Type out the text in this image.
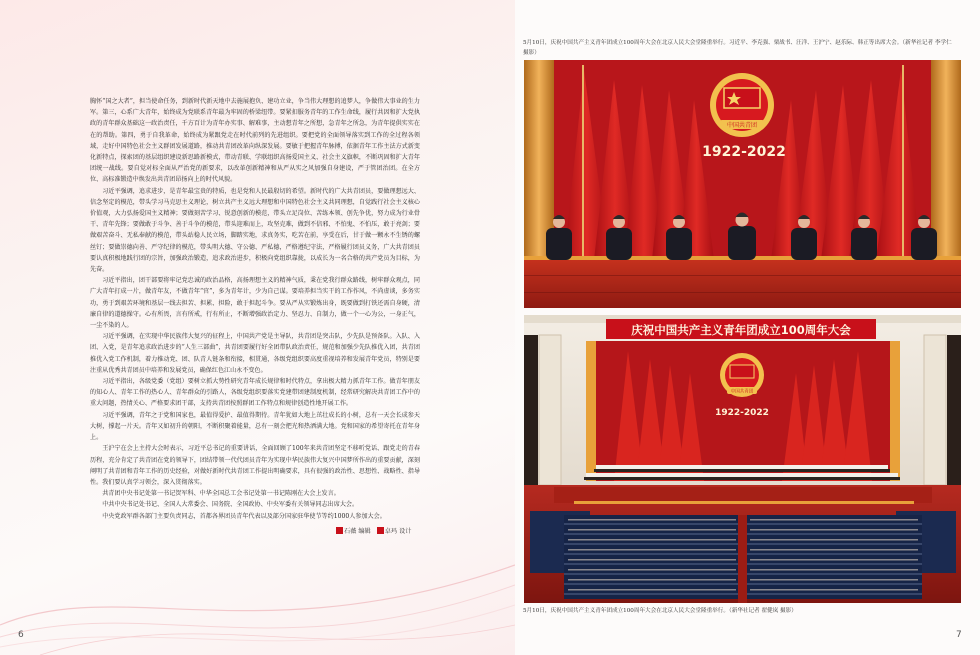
胸怀“国之大者”，担当使命任务，到新时代新天地中去施展抱负、建功立业，争当伟大理想的追梦人，争做伟大事业的生力军。第三，心系广大青年，始终成为党联系青年最为牢固的桥梁纽带。要紧扣服务青年的工作生命线，履行共因和扩大党执政的青年群众基础这一政治责任，千方百计为青年办实事、解难事，主动想青年之所想，急青年之所急，为青年提供实实在在的帮助。第四，勇于自我革命，始终成为紧跟党走在时代前列的先进组织。要把党的全面领导落实到工作的全过程各领域，走好中国特色社会主义群团发展道路，推动共青团改革向纵深发展。要敏于把握青年脉搏，依据青年工作主法方式新变化新特点，探索团的基层组织建设新思路新模式，带动青联、学联组织高扬爱国主义、社会主义旗帜，不断巩固和扩大青年团统一战线。要自觉对标全面从严治党的新要求，以改革创新精神和从严从实之风加强自身建设，严于管团治团。在全方位、高标准锻造中焕发出共青团昂扬向上的时代风貌。

习近平强调，追求进步，是青年最宝贵的特质，也是党和人民最殷切的希望。新时代的广大共青团员，要做理想远大、信念坚定的模范，带头学习马克思主义理论，树立共产主义远大理想和中国特色社会主义共同理想，自觉践行社会主义核心价值观，大力弘扬爱国主义精神；要做刻苦学习、锐意创新的模范，带头立足岗位、苦练本领、创先争优，努力成为行业骨干、青年先锋；要做敢于斗争、善于斗争的模范，带头迎难而上，攻坚克难，做到不信邪、不怕鬼、不怕压，敢于亮剑；要做艰苦奋斗、无私奉献的模范，带头站稳人民立场，脚踏实地，求真务实，吃苦在前，享受在后，甘于做一颗永不生锈的螺丝钉；要做崇德向善、严守纪律的模范，带头明大德、守公德、严私德，严格遵纪守法，严格履行团员义务，广大共青团员要认真积极地践行团的宗旨，加强政治锻造，追求政治进步，积极向党组织靠拢，以成长为一名合格的共产党员为目标，为先奋。

习近平指出，团干部要将牢记党忠诚的政治品格，高扬理想主义的精神气质，秉在党我行群众路线，树牢群众观点，同广大青年打成一片，做青年友，不做青年“官”，多为青年计，少为自己谋。要培养担当实干的工作作风，不尚虚谈，多务实功，勇于到艰苦环境和基层一线去担苦、担累、担险，敢于担起斗争。要从严从实锻炼出身，既要做到打铁还需自身硬，清廉自律的道德操守。心有所畏，言有所戒，行有所止，不断增强政治定力、坚忍力、自制力，做一个一心为公，一身正气，一尘不染的人。

习近平强调，在实现中华民族伟大复兴的征程上，中国共产党是主导队，共青团是突击队，少先队是预备队。入队、入团、入党，是青年追求政治进步的“人生三部曲”，共青团要履行好全团带队政治责任，规范和加强少先队推优入团，共青团推优入党工作机制，着力推动党、团、队青人链条和衔接，相贯通，各级党组织要高度重视培养和发展青年党员，特别是要注重从优秀共青团员中培养和发展党员，确保红色江山永不变色。

习近平指出，各级党委（党组）要树立抓大势性研究青年成长规律和时代特点，拿出极大精力抓青年工作。做青年朋友的知心人、青年工作的热心人、青年群众的引路人，各级党组织要落实党建带团建制度机制，经常研究解决共青团工作中的重大问题，热情关心、严格要求团干部，支持共青团按照群团工作特点和规律创造性地开展工作。

习近平强调，青年之于党和国家也，最值得爱护、最值得期待。青年犹如大地上茁壮成长的小树，总有一天会长成参天大树，撑起一片天。青年又如初升的朝阳，不断积聚着能量，总有一刻会把光和热洒满大地。党和国家的希望寄托在青年身上。

王沪宁在会上主持大会时表示，习近平总书记的重要讲话，全面回顾了100年来共青团坚定不移听党话、跟党走的青春历程，充分肯定了共青团在党的领导下，团结带领一代代团员青年为实现中华民族伟大复兴中国梦所作出的重要贡献，深刻阐明了共青团和青年工作的历史经验，对做好新时代共青团工作提出明确要求，具有很强的政治性、思想性、战略性、指导性。我们要认真学习领会，深入贯彻落实。

共青团中央书记处第一书记贺军科、中华全国总工会书记处第一书记陈刚在大会上发言。

中共中央书记处书记、全国人大常委会、国务院、全国政协、中央军委有关领导同志出席大会。

中央党政军群各部门主要负责同志，首都各界团员青年代表以及部分国家驻华使节等约1000人参加大会。

石薇 编辑 卓玛 设计
6
5月10日，庆祝中国共产主义青年团成立100周年大会在北京人民大会堂隆重举行。习近平、李克强、栗战书、汪洋、王沪宁、赵乐际、韩正等出席大会。（新华社记者 李学仁 摄影）
中国共青团
1922-2022
庆祝中国共产主义青年团成立100周年大会
中国共青团
1922-2022
5月10日，庆祝中国共产主义青年团成立100周年大会在北京人民大会堂隆重举行。（新华社记者 翟健岚 摄影）
7
